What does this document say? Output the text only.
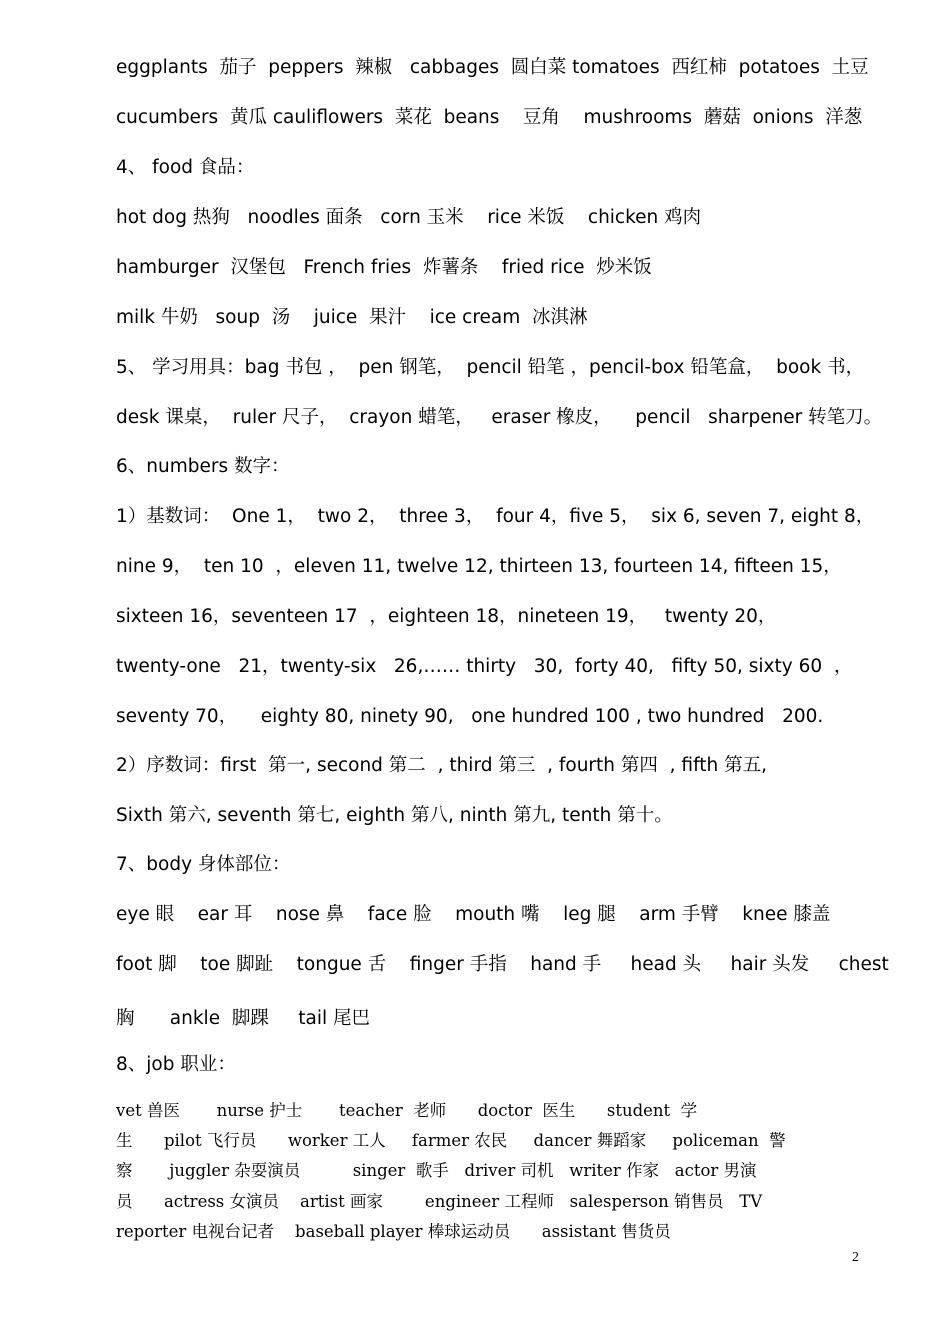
eggplants  茄子  peppers  辣椒   cabbages  圆白菜 tomatoes  西红柿  potatoes  土豆
cucumbers  黄瓜 cauliflowers  菜花  beans    豆角    mushrooms  蘑菇  onions  洋葱
4、 food 食品：
hot dog 热狗   noodles 面条   corn 玉米    rice 米饭    chicken 鸡肉
hamburger  汉堡包   French fries  炸薯条    fried rice  炒米饭
milk 牛奶   soup  汤    juice  果汁    ice cream  冰淇淋
5、 学习用具：bag 书包 ，  pen 钢笔，  pencil 铅笔 ，pencil-box 铅笔盒，  book 书，
desk 课桌，  ruler 尺子，  crayon 蜡笔，   eraser 橡皮，    pencil   sharpener 转笔刀。
6、numbers 数字：
1）基数词：  One 1，  two 2，  three 3，  four 4，five 5，  six 6, seven 7, eight 8，
nine 9，  ten 10  ，eleven 11, twelve 12, thirteen 13, fourteen 14, fifteen 15，
sixteen 16，seventeen 17  ，eighteen 18，nineteen 19，   twenty 20，
twenty-one   21，twenty-six   26,…… thirty   30,  forty 40,   fifty 50, sixty 60  ，
seventy 70，    eighty 80, ninety 90,   one hundred 100 , two hundred   200.
2）序数词：first  第一, second 第二  , third 第三  , fourth 第四  , fifth 第五,
Sixth 第六, seventh 第七, eighth 第八, ninth 第九, tenth 第十。
7、body 身体部位：
eye 眼    ear 耳    nose 鼻    face 脸    mouth 嘴    leg 腿    arm 手臂    knee 膝盖
foot 脚    toe 脚趾    tongue 舌    finger 手指    hand 手     head 头     hair 头发     chest
胸      ankle  脚踝     tail 尾巴
8、job 职业：
vet 兽医       nurse 护士       teacher  老师      doctor  医生      student  学
生      pilot 飞行员      worker 工人     farmer 农民     dancer 舞蹈家     policeman  警
察       juggler 杂耍演员          singer  歌手   driver 司机   writer 作家   actor 男演
员      actress 女演员    artist 画家        engineer 工程师   salesperson 销售员   TV
reporter 电视台记者    baseball player 棒球运动员      assistant 售货员
2
